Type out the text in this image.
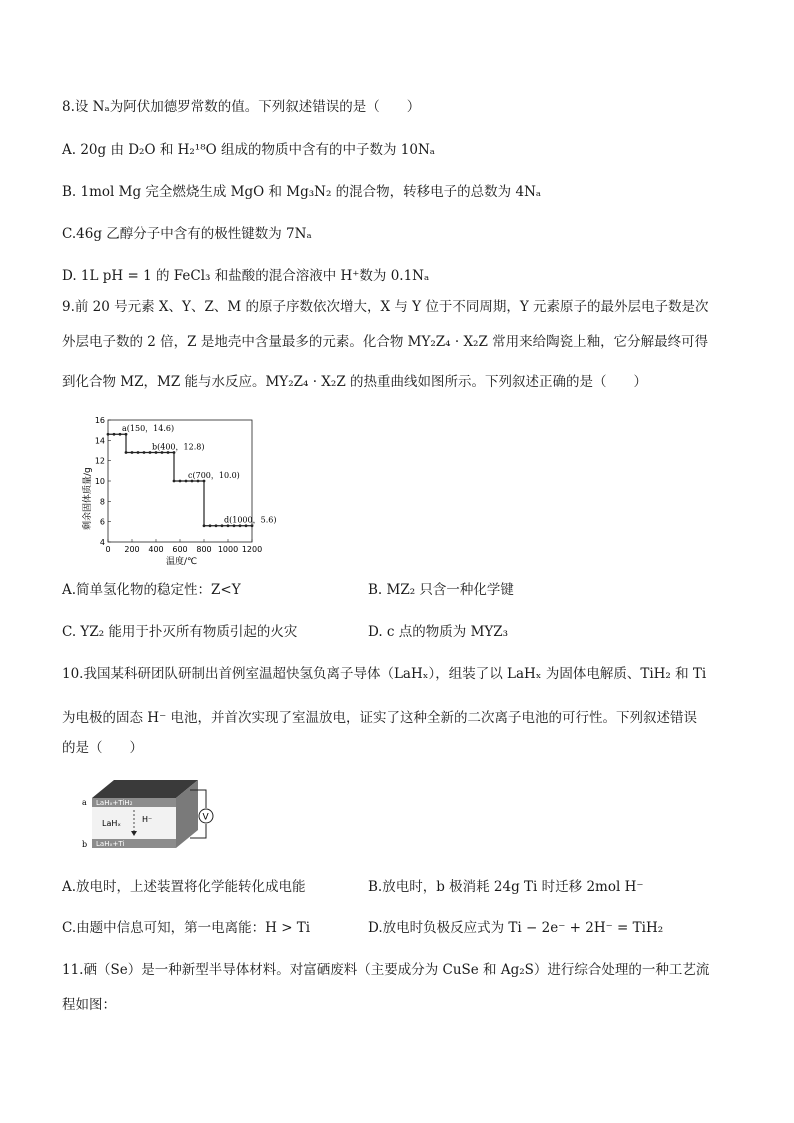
8.设 Nₐ为阿伏加德罗常数的值。下列叙述错误的是（　　）
A. 20g 由 D₂O 和 H₂¹⁸O 组成的物质中含有的中子数为 10Nₐ
B. 1mol Mg 完全燃烧生成 MgO 和 Mg₃N₂ 的混合物，转移电子的总数为 4Nₐ
C.46g 乙醇分子中含有的极性键数为 7Nₐ
D. 1L pH = 1 的 FeCl₃ 和盐酸的混合溶液中 H⁺数为 0.1Nₐ
9.前 20 号元素 X、Y、Z、M 的原子序数依次增大，X 与 Y 位于不同周期，Y 元素原子的最外层电子数是次
外层电子数的 2 倍，Z 是地壳中含量最多的元素。化合物 MY₂Z₄ · X₂Z 常用来给陶瓷上釉，它分解最终可得
到化合物 MZ，MZ 能与水反应。MY₂Z₄ · X₂Z 的热重曲线如图所示。下列叙述正确的是（　　）
0 200 400 600 800 1000 1200
4
6
8
10
12
14
16
a(150，14.6)
b(400，12.8)
c(700，10.0)
d(1000，5.6)
剩余固体质量/g
温度/℃
A.简单氢化物的稳定性：Z<Y	B. MZ₂ 只含一种化学键
C. YZ₂ 能用于扑灭所有物质引起的火灾	D. c 点的物质为 MYZ₃
10.我国某科研团队研制出首例室温超快氢负离子导体（LaHₓ），组装了以 LaHₓ 为固体电解质、TiH₂ 和 Ti
为电极的固态 H⁻ 电池，并首次实现了室温放电，证实了这种全新的二次离子电池的可行性。下列叙述错误
的是（　　）
V
a
b
LaHₓ+TiH₂
LaHₓ	H⁻
LaHₓ+Ti
A.放电时，上述装置将化学能转化成电能	B.放电时，b 极消耗 24g Ti 时迁移 2mol H⁻
C.由题中信息可知，第一电离能：H > Ti	D.放电时负极反应式为 Ti − 2e⁻ + 2H⁻ = TiH₂
11.硒（Se）是一种新型半导体材料。对富硒废料（主要成分为 CuSe 和 Ag₂S）进行综合处理的一种工艺流
程如图：
